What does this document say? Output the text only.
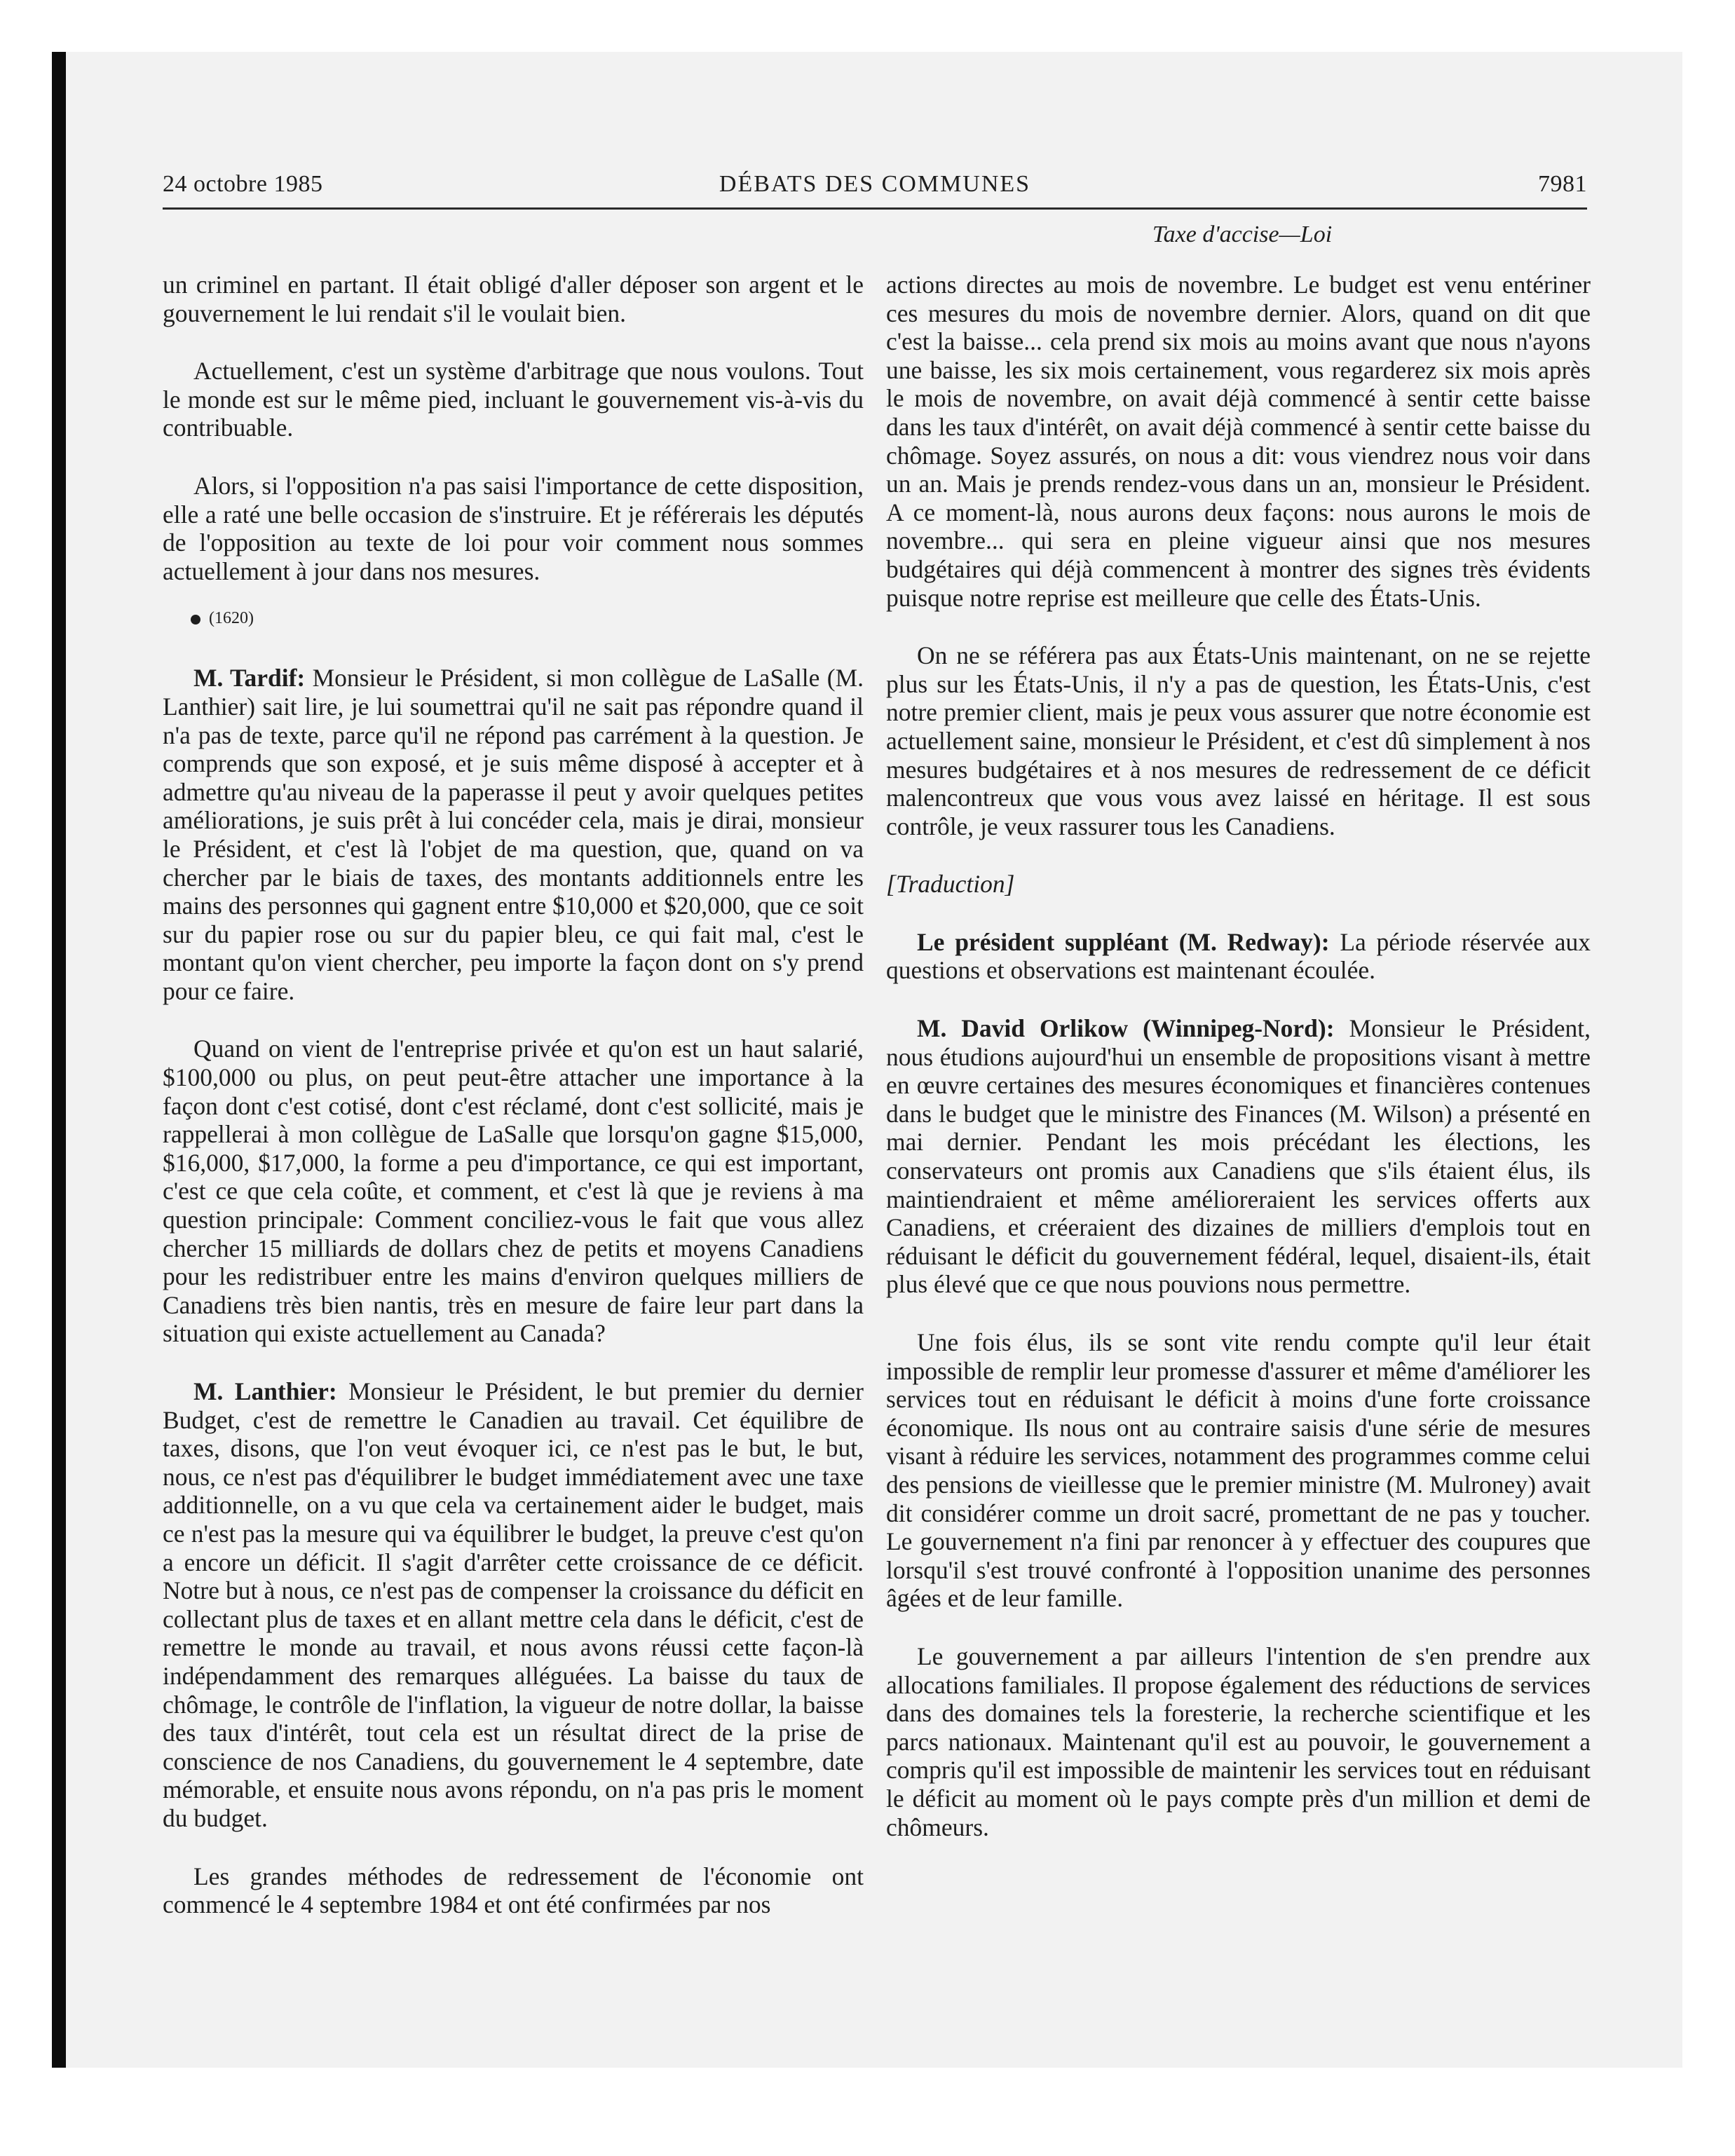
24 octobre 1985	DÉBATS DES COMMUNES	7981
Taxe d'accise—Loi

un criminel en partant. Il était obligé d'aller déposer son argent et le gouvernement le lui rendait s'il le voulait bien.

Actuellement, c'est un système d'arbitrage que nous voulons. Tout le monde est sur le même pied, incluant le gouvernement vis-à-vis du contribuable.

Alors, si l'opposition n'a pas saisi l'importance de cette disposition, elle a raté une belle occasion de s'instruire. Et je référerais les députés de l'opposition au texte de loi pour voir comment nous sommes actuellement à jour dans nos mesures.

(1620)

M. Tardif: Monsieur le Président, si mon collègue de LaSalle (M. Lanthier) sait lire, je lui soumettrai qu'il ne sait pas répondre quand il n'a pas de texte, parce qu'il ne répond pas carrément à la question. Je comprends que son exposé, et je suis même disposé à accepter et à admettre qu'au niveau de la paperasse il peut y avoir quelques petites améliorations, je suis prêt à lui concéder cela, mais je dirai, monsieur le Président, et c'est là l'objet de ma question, que, quand on va chercher par le biais de taxes, des montants additionnels entre les mains des personnes qui gagnent entre $10,000 et $20,000, que ce soit sur du papier rose ou sur du papier bleu, ce qui fait mal, c'est le montant qu'on vient chercher, peu importe la façon dont on s'y prend pour ce faire.

Quand on vient de l'entreprise privée et qu'on est un haut salarié, $100,000 ou plus, on peut peut-être attacher une importance à la façon dont c'est cotisé, dont c'est réclamé, dont c'est sollicité, mais je rappellerai à mon collègue de LaSalle que lorsqu'on gagne $15,000, $16,000, $17,000, la forme a peu d'importance, ce qui est important, c'est ce que cela coûte, et comment, et c'est là que je reviens à ma question principale: Comment conciliez-vous le fait que vous allez chercher 15 milliards de dollars chez de petits et moyens Canadiens pour les redistribuer entre les mains d'environ quelques milliers de Canadiens très bien nantis, très en mesure de faire leur part dans la situation qui existe actuellement au Canada?

M. Lanthier: Monsieur le Président, le but premier du dernier Budget, c'est de remettre le Canadien au travail. Cet équilibre de taxes, disons, que l'on veut évoquer ici, ce n'est pas le but, le but, nous, ce n'est pas d'équilibrer le budget immédiatement avec une taxe additionnelle, on a vu que cela va certainement aider le budget, mais ce n'est pas la mesure qui va équilibrer le budget, la preuve c'est qu'on a encore un déficit. Il s'agit d'arrêter cette croissance de ce déficit. Notre but à nous, ce n'est pas de compenser la croissance du déficit en collectant plus de taxes et en allant mettre cela dans le déficit, c'est de remettre le monde au travail, et nous avons réussi cette façon-là indépendamment des remarques alléguées. La baisse du taux de chômage, le contrôle de l'inflation, la vigueur de notre dollar, la baisse des taux d'intérêt, tout cela est un résultat direct de la prise de conscience de nos Canadiens, du gouvernement le 4 septembre, date mémorable, et ensuite nous avons répondu, on n'a pas pris le moment du budget.

Les grandes méthodes de redressement de l'économie ont commencé le 4 septembre 1984 et ont été confirmées par nos

actions directes au mois de novembre. Le budget est venu entériner ces mesures du mois de novembre dernier. Alors, quand on dit que c'est la baisse... cela prend six mois au moins avant que nous n'ayons une baisse, les six mois certainement, vous regarderez six mois après le mois de novembre, on avait déjà commencé à sentir cette baisse dans les taux d'intérêt, on avait déjà commencé à sentir cette baisse du chômage. Soyez assurés, on nous a dit: vous viendrez nous voir dans un an. Mais je prends rendez-vous dans un an, monsieur le Président. A ce moment-là, nous aurons deux façons: nous aurons le mois de novembre... qui sera en pleine vigueur ainsi que nos mesures budgétaires qui déjà commencent à montrer des signes très évidents puisque notre reprise est meilleure que celle des États-Unis.

On ne se référera pas aux États-Unis maintenant, on ne se rejette plus sur les États-Unis, il n'y a pas de question, les États-Unis, c'est notre premier client, mais je peux vous assurer que notre économie est actuellement saine, monsieur le Président, et c'est dû simplement à nos mesures budgétaires et à nos mesures de redressement de ce déficit malencontreux que vous vous avez laissé en héritage. Il est sous contrôle, je veux rassurer tous les Canadiens.

[Traduction]

Le président suppléant (M. Redway): La période réservée aux questions et observations est maintenant écoulée.

M. David Orlikow (Winnipeg-Nord): Monsieur le Président, nous étudions aujourd'hui un ensemble de propositions visant à mettre en œuvre certaines des mesures économiques et financières contenues dans le budget que le ministre des Finances (M. Wilson) a présenté en mai dernier. Pendant les mois précédant les élections, les conservateurs ont promis aux Canadiens que s'ils étaient élus, ils maintiendraient et même amélioreraient les services offerts aux Canadiens, et créeraient des dizaines de milliers d'emplois tout en réduisant le déficit du gouvernement fédéral, lequel, disaient-ils, était plus élevé que ce que nous pouvions nous permettre.

Une fois élus, ils se sont vite rendu compte qu'il leur était impossible de remplir leur promesse d'assurer et même d'améliorer les services tout en réduisant le déficit à moins d'une forte croissance économique. Ils nous ont au contraire saisis d'une série de mesures visant à réduire les services, notamment des programmes comme celui des pensions de vieillesse que le premier ministre (M. Mulroney) avait dit considérer comme un droit sacré, promettant de ne pas y toucher. Le gouvernement n'a fini par renoncer à y effectuer des coupures que lorsqu'il s'est trouvé confronté à l'opposition unanime des personnes âgées et de leur famille.

Le gouvernement a par ailleurs l'intention de s'en prendre aux allocations familiales. Il propose également des réductions de services dans des domaines tels la foresterie, la recherche scientifique et les parcs nationaux. Maintenant qu'il est au pouvoir, le gouvernement a compris qu'il est impossible de maintenir les services tout en réduisant le déficit au moment où le pays compte près d'un million et demi de chômeurs.
